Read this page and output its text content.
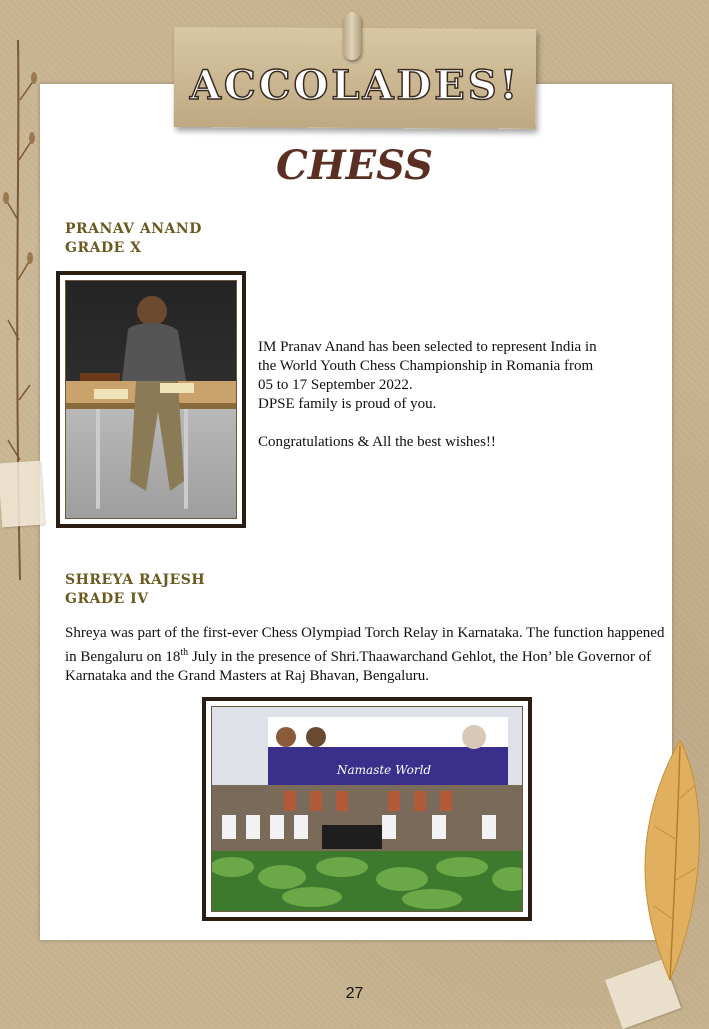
ACCOLADES!
CHESS
PRANAV ANAND
GRADE X
IM Pranav Anand has been selected to represent India in
the World Youth Chess Championship in Romania from
05 to 17 September 2022.
DPSE family is proud of you.
Congratulations & All the best wishes!!
SHREYA RAJESH
GRADE IV
Shreya was part of the first-ever Chess Olympiad Torch Relay in Karnataka. The function happened in Bengaluru on 18th July in the presence of Shri.Thaawarchand Gehlot, the Hon’ ble Governor of Karnataka and the Grand Masters at Raj Bhavan, Bengaluru.
Namaste World
27
